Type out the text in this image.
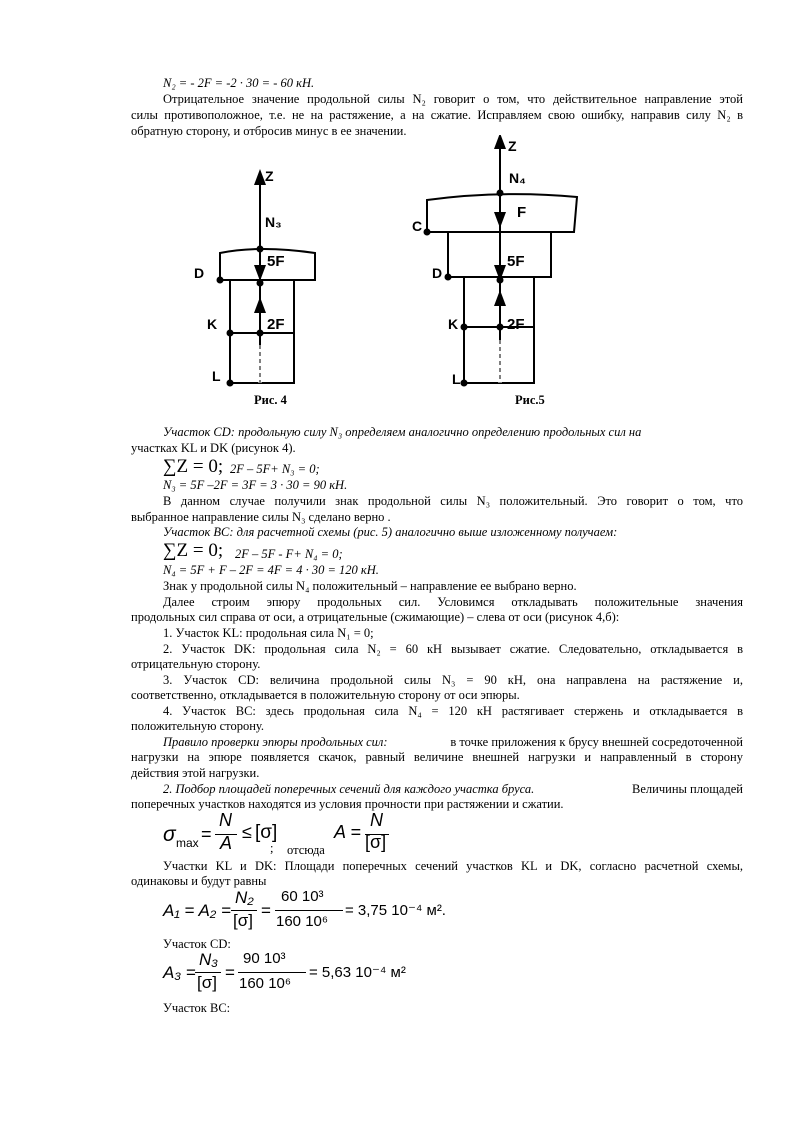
N₂ = - 2F = -2 · 30 = - 60 кН.
Отрицательное значение продольной силы N₂ говорит о том, что действительное направление этой
силы противоположное, т.е. не на растяжение, а на сжатие. Исправляем свою ошибку, направив силу N₂ в
обратную сторону, и отбросив минус в ее значении.
Z
N₃
5F
2F
D
K
L
Рис. 4
Z
N₄
F
5F
2F
C
D
K
L
Рис.5
Участок CD: продольную силу N₃ определяем аналогично определению продольных сил на
участках KL и DK (рисунок 4).
∑Z = 0; 2F – 5F+ N₃ = 0;
N₃ = 5F –2F = 3F = 3 · 30 = 90 кН.
В данном случае получили знак продольной силы N₃ положительный. Это говорит о том, что
выбранное направление силы N₃ сделано верно .
Участок BC: для расчетной схемы (рис. 5) аналогично выше изложенному получаем:
∑Z = 0; 2F – 5F - F+ N₄ = 0;
N₄ = 5F + F – 2F = 4F = 4 · 30 = 120 кН.
Знак у продольной силы N₄ положительный – направление ее выбрано верно.
Далее строим эпюру продольных сил. Условимся откладывать положительные значения
продольных сил справа от оси, а отрицательные (сжимающие) – слева от оси (рисунок 4,б):
1. Участок KL: продольная сила N₁ = 0;
2. Участок DK: продольная сила N₂ = 60 кН вызывает сжатие. Следовательно, откладывается в
отрицательную сторону.
3. Участок CD: величина продольной силы N₃ = 90 кН, она направлена на растяжение и,
соответственно, откладывается в положительную сторону от оси эпюры.
4. Участок BC: здесь продольная сила N₄ = 120 кН растягивает стержень и откладывается в
положительную сторону.
Правило проверки эпюры продольных сил:	в точке приложения к брусу внешней сосредоточенной
нагрузки на эпюре появляется скачок, равный величине внешней нагрузки и направленный в сторону
действия этой нагрузки.
2. Подбор площадей поперечных сечений для каждого участка бруса.	Величины площадей
поперечных участков находятся из условия прочности при растяжении и сжатии.
σ max =
N
A
≤ [σ]
; отсюда
A =
N
[σ]
Участки KL и DK: Площади поперечных сечений участков KL и DK, согласно расчетной схемы,
одинаковы и будут равны
A₁ = A₂ =
N₂
[σ]
=
60 10³
160 10⁶
= 3,75 10⁻⁴ м².
Участок CD:
A₃ =
N₃
[σ]
=
90 10³
160 10⁶
= 5,63 10⁻⁴ м²
Участок BC:
